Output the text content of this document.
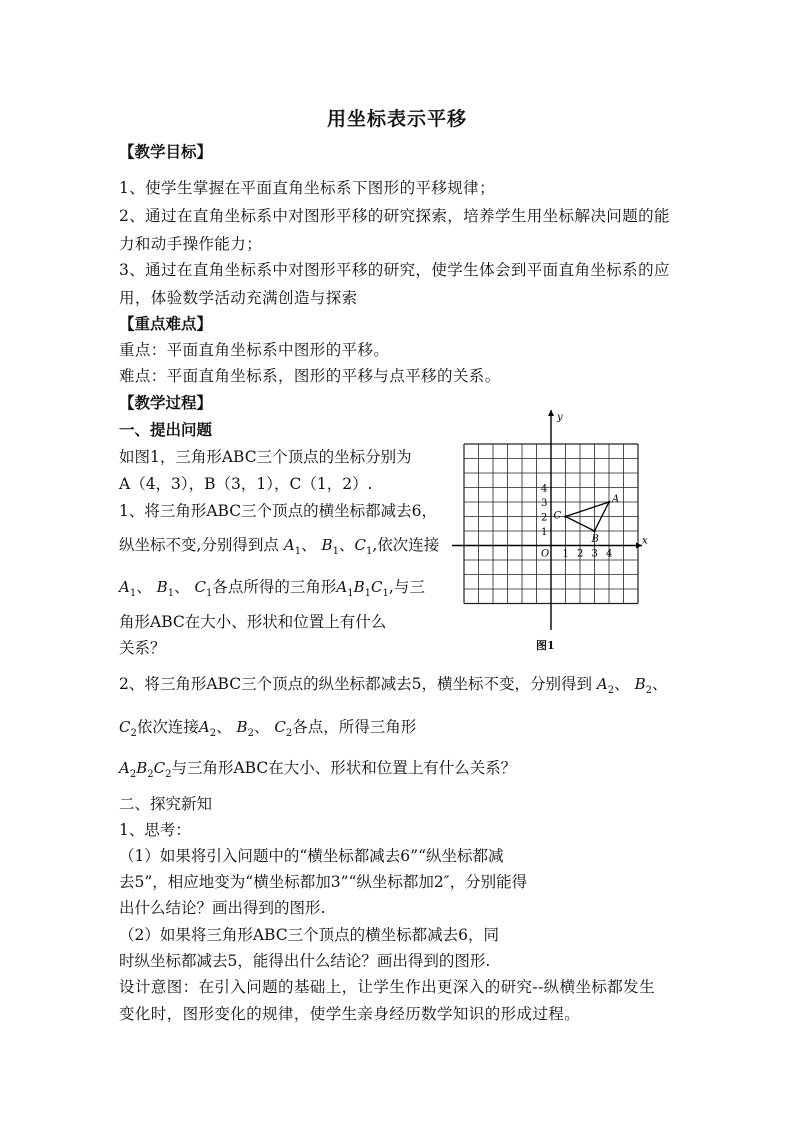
用坐标表示平移
【教学目标】
1、使学生掌握在平面直角坐标系下图形的平移规律；
2、通过在直角坐标系中对图形平移的研究探索，培养学生用坐标解决问题的能
力和动手操作能力；
3、通过在直角坐标系中对图形平移的研究，使学生体会到平面直角坐标系的应
用，体验数学活动充满创造与探索
【重点难点】
重点：平面直角坐标系中图形的平移。
难点：平面直角坐标系，图形的平移与点平移的关系。
【教学过程】
一、提出问题
如图1，三角形ABC三个顶点的坐标分别为
A（4，3），B（3，1），C（1，2）.
1、将三角形ABC三个顶点的横坐标都减去6，
纵坐标不变,分别得到点 $A_1$、 $B_1$、$C_1$,依次连接
$A_1$、 $B_1$、 $C_1$各点所得的三角形$A_1B_1C_1$,与三
角形ABC在大小、形状和位置上有什么
关系？
2、将三角形ABC三个顶点的纵坐标都减去5，横坐标不变，分别得到 $A_2$、 $B_2$、
$C_2$依次连接$A_2$、 $B_2$、 $C_2$各点，所得三角形
$A_2B_2C_2$与三角形ABC在大小、形状和位置上有什么关系？
二、探究新知
1、思考：
（1）如果将引入问题中的“横坐标都减去6”“纵坐标都减
去5”，相应地变为“横坐标都加3”“纵坐标都加2″，分别能得
出什么结论？画出得到的图形.
（2）如果将三角形ABC三个顶点的横坐标都减去6，同
时纵坐标都减去5，能得出什么结论？画出得到的图形.
设计意图：在引入问题的基础上，让学生作出更深入的研究--纵横坐标都发生
变化时，图形变化的规律，使学生亲身经历数学知识的形成过程。
x
y
O 1 2 3 4
1
2
3
4
A
B
C
图1
